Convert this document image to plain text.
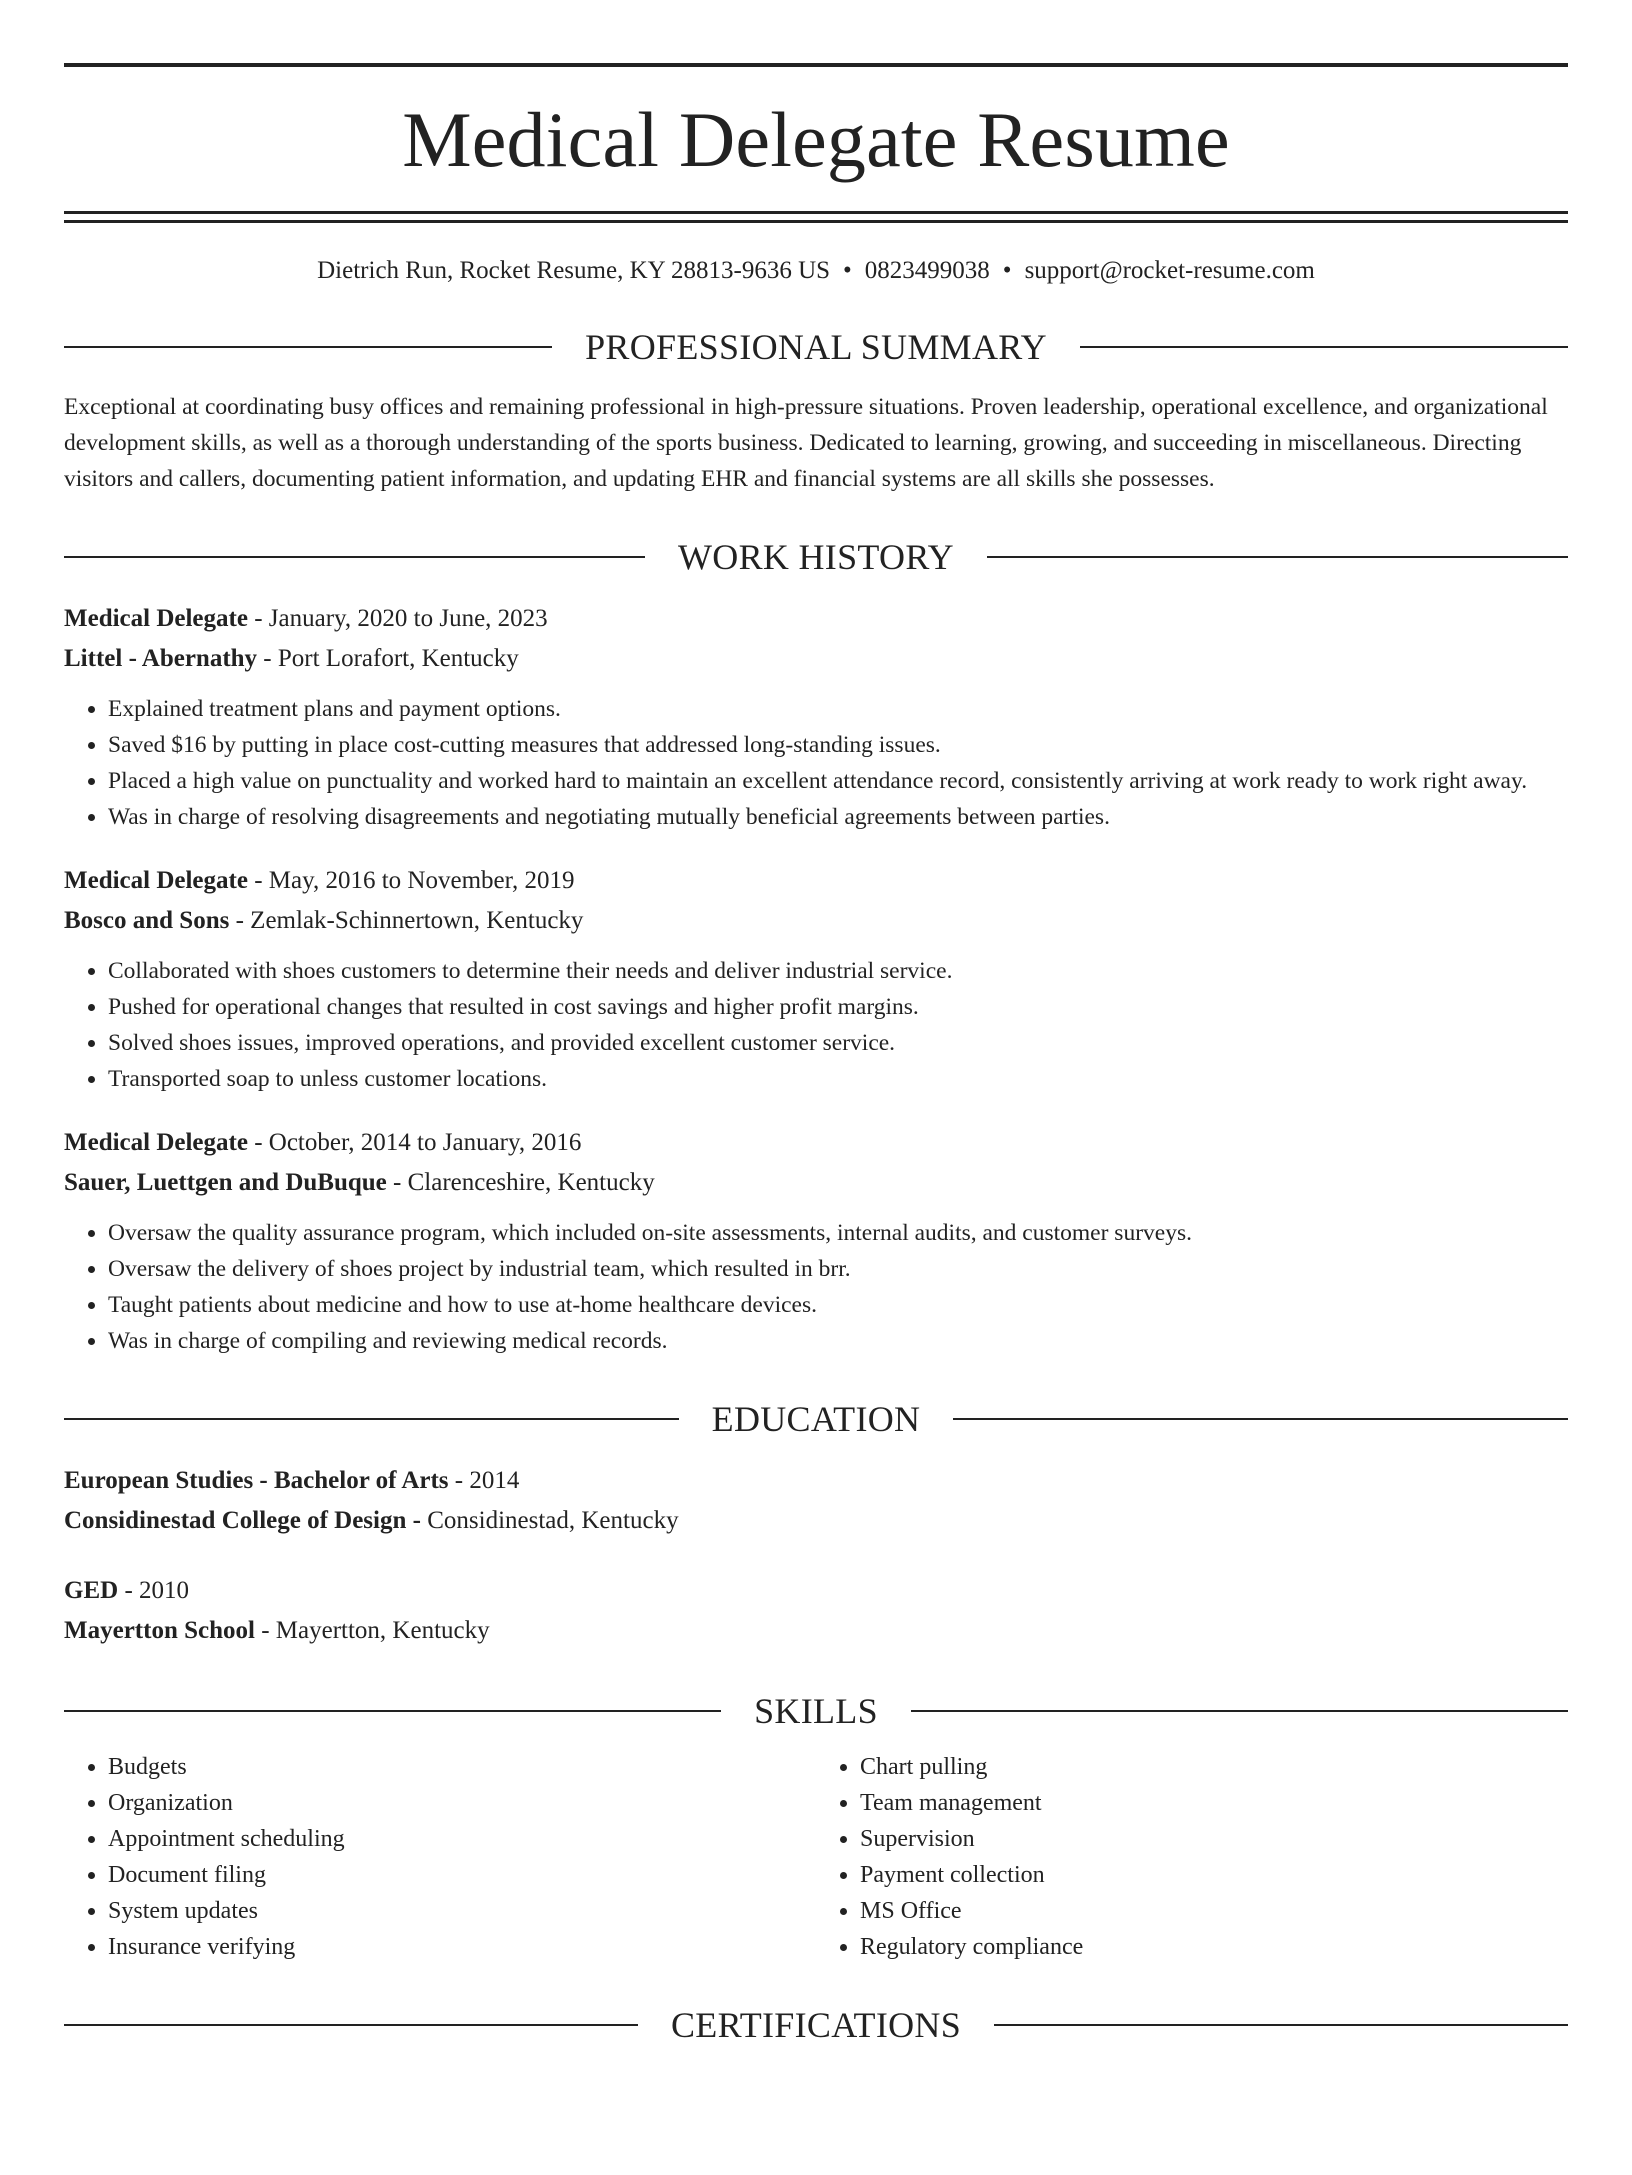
Medical Delegate Resume
Dietrich Run, Rocket Resume, KY 28813-9636 US • 0823499038 • support@rocket-resume.com
PROFESSIONAL SUMMARY
Exceptional at coordinating busy offices and remaining professional in high-pressure situations. Proven leadership, operational excellence, and organizational development skills, as well as a thorough understanding of the sports business. Dedicated to learning, growing, and succeeding in miscellaneous. Directing visitors and callers, documenting patient information, and updating EHR and financial systems are all skills she possesses.
WORK HISTORY
Medical Delegate - January, 2020 to June, 2023
Littel - Abernathy - Port Lorafort, Kentucky
• Explained treatment plans and payment options.
• Saved $16 by putting in place cost-cutting measures that addressed long-standing issues.
• Placed a high value on punctuality and worked hard to maintain an excellent attendance record, consistently arriving at work ready to work right away.
• Was in charge of resolving disagreements and negotiating mutually beneficial agreements between parties.
Medical Delegate - May, 2016 to November, 2019
Bosco and Sons - Zemlak-Schinnertown, Kentucky
• Collaborated with shoes customers to determine their needs and deliver industrial service.
• Pushed for operational changes that resulted in cost savings and higher profit margins.
• Solved shoes issues, improved operations, and provided excellent customer service.
• Transported soap to unless customer locations.
Medical Delegate - October, 2014 to January, 2016
Sauer, Luettgen and DuBuque - Clarenceshire, Kentucky
• Oversaw the quality assurance program, which included on-site assessments, internal audits, and customer surveys.
• Oversaw the delivery of shoes project by industrial team, which resulted in brr.
• Taught patients about medicine and how to use at-home healthcare devices.
• Was in charge of compiling and reviewing medical records.
EDUCATION
European Studies - Bachelor of Arts - 2014
Considinestad College of Design - Considinestad, Kentucky
GED - 2010
Mayertton School - Mayertton, Kentucky
SKILLS
• Budgets
• Organization
• Appointment scheduling
• Document filing
• System updates
• Insurance verifying
• Chart pulling
• Team management
• Supervision
• Payment collection
• MS Office
• Regulatory compliance
CERTIFICATIONS
